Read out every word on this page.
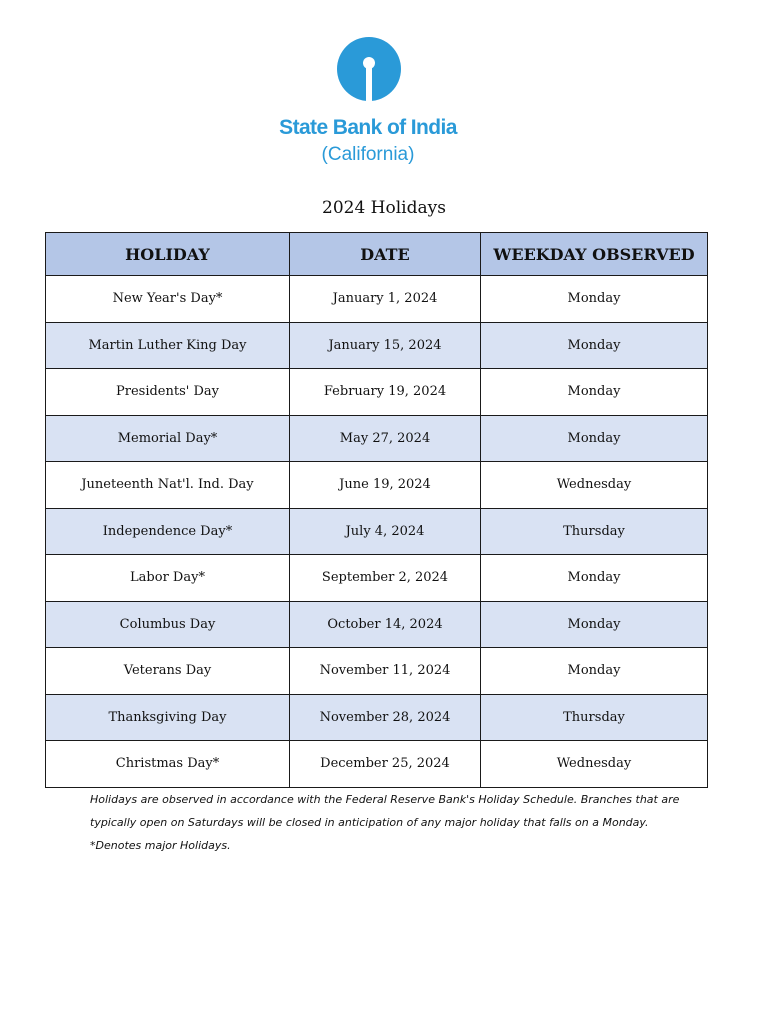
State Bank of India
(California)
2024 Holidays
HOLIDAY	DATE	WEEKDAY OBSERVED
New Year's Day*	January 1, 2024	Monday
Martin Luther King Day	January 15, 2024	Monday
Presidents' Day	February 19, 2024	Monday
Memorial Day*	May 27, 2024	Monday
Juneteenth Nat'l. Ind. Day	June 19, 2024	Wednesday
Independence Day*	July 4, 2024	Thursday
Labor Day*	September 2, 2024	Monday
Columbus Day	October 14, 2024	Monday
Veterans Day	November 11, 2024	Monday
Thanksgiving Day	November 28, 2024	Thursday
Christmas Day*	December 25, 2024	Wednesday
Holidays are observed in accordance with the Federal Reserve Bank's Holiday Schedule. Branches that are typically open on Saturdays will be closed in anticipation of any major holiday that falls on a Monday. *Denotes major Holidays.
